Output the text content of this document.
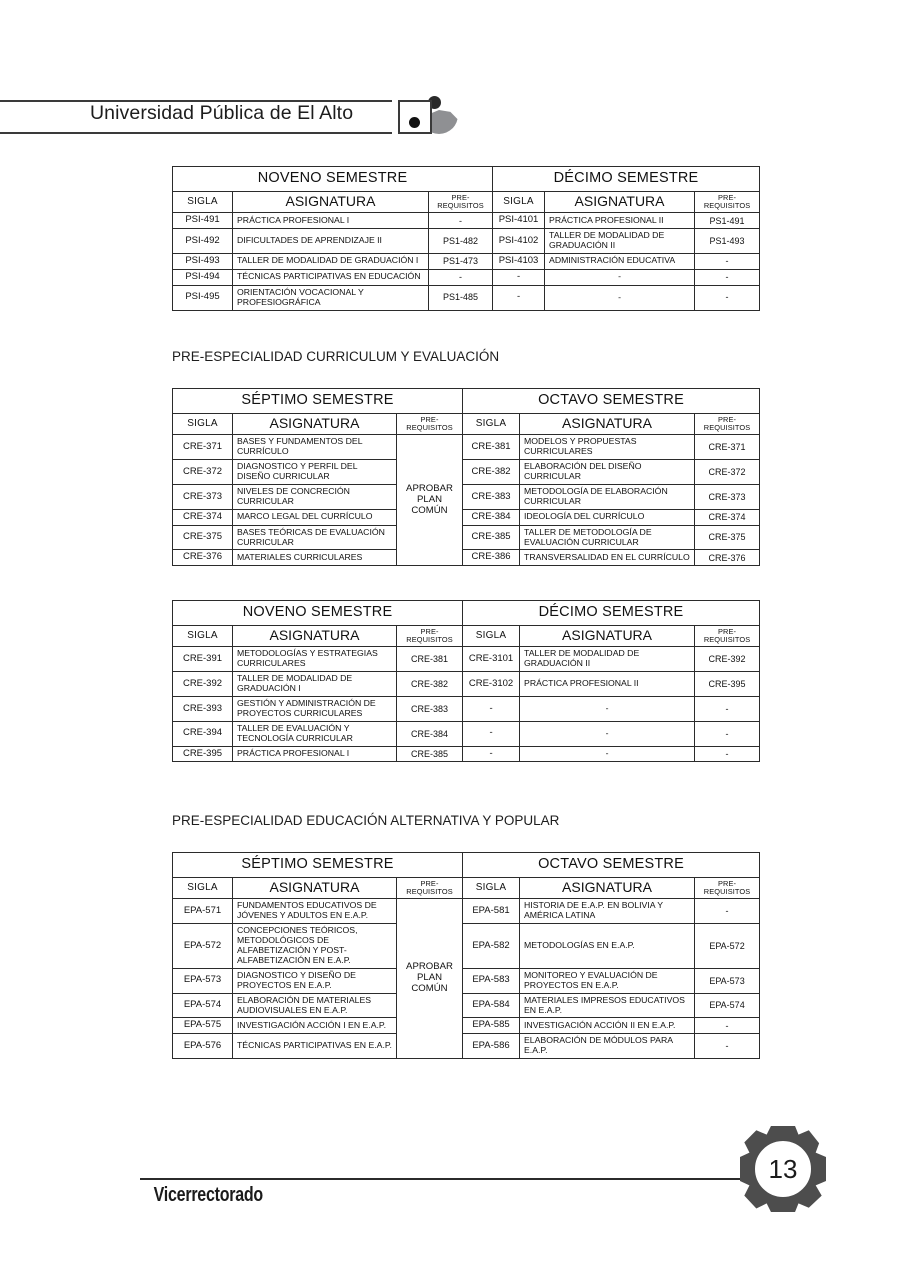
Universidad Pública de El Alto
NOVENO SEMESTRE			DÉCIMO SEMESTRE		
SIGLA	ASIGNATURA	PRE-REQUISITOS	SIGLA	ASIGNATURA	PRE-REQUISITOS
PSI-491	PRÁCTICA PROFESIONAL I	-	PSI-4101	PRÁCTICA PROFESIONAL II	PS1-491
PSI-492	DIFICULTADES DE APRENDIZAJE II	PS1-482	PSI-4102	TALLER DE MODALIDAD DE GRADUACIÓN II	PS1-493
PSI-493	TALLER DE MODALIDAD DE GRADUACIÓN I	PS1-473	PSI-4103	ADMINISTRACIÓN EDUCATIVA	-
PSI-494	TÉCNICAS PARTICIPATIVAS EN EDUCACIÓN	-	-	-	-
PSI-495	ORIENTACIÓN VOCACIONAL Y PROFESIOGRÁFICA	PS1-485	-	-	-
PRE-ESPECIALIDAD CURRICULUM Y EVALUACIÓN
SÉPTIMO SEMESTRE			OCTAVO SEMESTRE		
SIGLA	ASIGNATURA	PRE-REQUISITOS	SIGLA	ASIGNATURA	PRE-REQUISITOS
CRE-371	BASES Y FUNDAMENTOS DEL CURRÍCULO	APROBAR PLAN COMÚN	CRE-381	MODELOS Y PROPUESTAS CURRICULARES	CRE-371
CRE-372	DIAGNOSTICO Y PERFIL DEL DISEÑO CURRICULAR		CRE-382	ELABORACIÓN DEL DISEÑO CURRICULAR	CRE-372
CRE-373	NIVELES DE CONCRECIÓN CURRICULAR		CRE-383	METODOLOGÍA DE ELABORACIÓN CURRICULAR	CRE-373
CRE-374	MARCO LEGAL DEL CURRÍCULO		CRE-384	IDEOLOGÍA DEL CURRÍCULO	CRE-374
CRE-375	BASES TEÓRICAS DE EVALUACIÓN CURRICULAR		CRE-385	TALLER DE METODOLOGÍA DE EVALUACIÓN CURRICULAR	CRE-375
CRE-376	MATERIALES CURRICULARES		CRE-386	TRANSVERSALIDAD EN EL CURRÍCULO	CRE-376
NOVENO SEMESTRE			DÉCIMO SEMESTRE		
SIGLA	ASIGNATURA	PRE-REQUISITOS	SIGLA	ASIGNATURA	PRE-REQUISITOS
CRE-391	METODOLOGÍAS Y ESTRATEGIAS CURRICULARES	CRE-381	CRE-3101	TALLER DE MODALIDAD DE GRADUACIÓN II	CRE-392
CRE-392	TALLER DE MODALIDAD DE GRADUACIÓN I	CRE-382	CRE-3102	PRÁCTICA PROFESIONAL II	CRE-395
CRE-393	GESTIÓN Y ADMINISTRACIÓN DE PROYECTOS CURRICULARES	CRE-383	-	-	-
CRE-394	TALLER DE EVALUACIÓN Y TECNOLOGÍA CURRICULAR	CRE-384	-	-	-
CRE-395	PRÁCTICA PROFESIONAL I	CRE-385	-	-	-
PRE-ESPECIALIDAD EDUCACIÓN ALTERNATIVA Y POPULAR
SÉPTIMO SEMESTRE			OCTAVO SEMESTRE		
SIGLA	ASIGNATURA	PRE-REQUISITOS	SIGLA	ASIGNATURA	PRE-REQUISITOS
EPA-571	FUNDAMENTOS EDUCATIVOS DE JÓVENES Y ADULTOS EN E.A.P.	APROBAR PLAN COMÚN	EPA-581	HISTORIA DE E.A.P. EN BOLIVIA Y AMÉRICA LATINA	-
EPA-572	CONCEPCIONES TEÓRICOS, METODOLÓGICOS DE ALFABETIZACIÓN Y POST-ALFABETIZACIÓN EN E.A.P.		EPA-582	METODOLOGÍAS EN E.A.P.	EPA-572
EPA-573	DIAGNOSTICO Y DISEÑO DE PROYECTOS EN E.A.P.		EPA-583	MONITOREO Y EVALUACIÓN DE PROYECTOS EN E.A.P.	EPA-573
EPA-574	ELABORACIÓN DE MATERIALES AUDIOVISUALES EN E.A.P.		EPA-584	MATERIALES IMPRESOS EDUCATIVOS EN E.A.P.	EPA-574
EPA-575	INVESTIGACIÓN ACCIÓN I EN E.A.P.		EPA-585	INVESTIGACIÓN ACCIÓN II EN E.A.P.	-
EPA-576	TÉCNICAS PARTICIPATIVAS EN E.A.P.		EPA-586	ELABORACIÓN DE MÓDULOS PARA E.A.P.	-
Vicerrectorado
13
